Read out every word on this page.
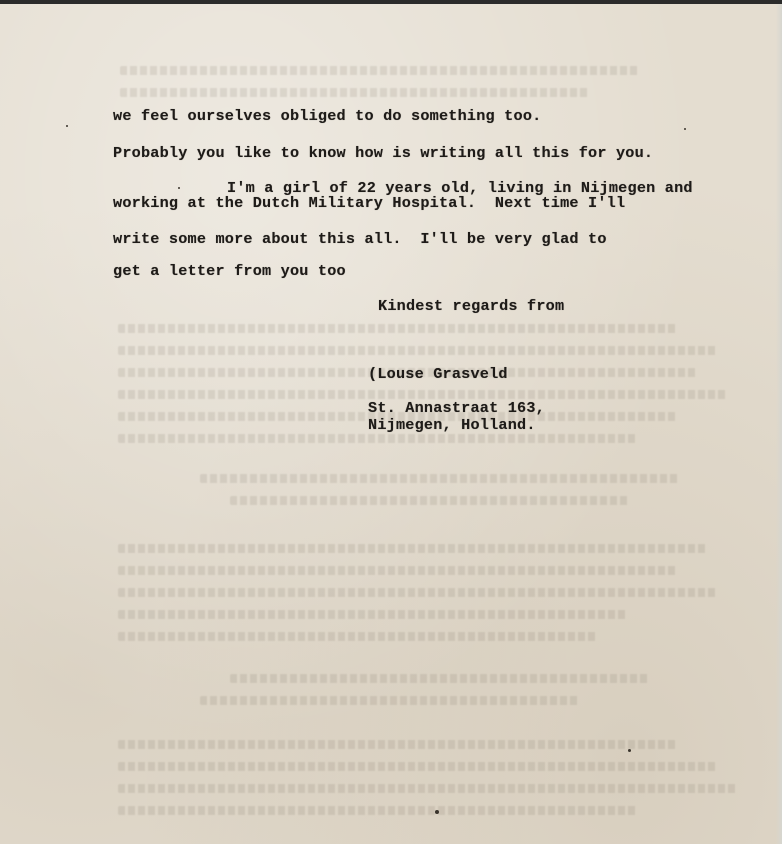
we feel ourselves obliged to do something too.

Probably you like to know how is writing all this for you.

I'm a girl of 22 years old, living in Nijmegen and

working at the Dutch Military Hospital.  Next time I'll

write some more about this all.  I'll be very glad to

get a letter from you too

Kindest regards from

(Louse Grasveld

St. Annastraat 163,

Nijmegen, Holland.
